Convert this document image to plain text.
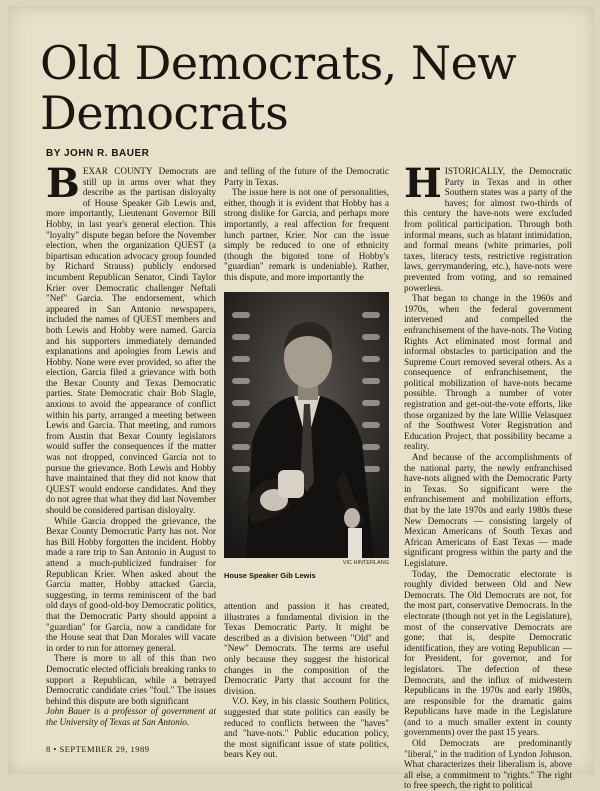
Old Democrats, New Democrats
BY JOHN R. BAUER

BEXAR COUNTY Democrats are still up in arms over what they describe as the partisan disloyalty of House Speaker Gib Lewis and, more importantly, Lieutenant Governor Bill Hobby, in last year's general election. This "loyalty" dispute began before the November election, when the organization QUEST (a bipartisan education advocacy group founded by Richard Strauss) publicly endorsed incumbent Republican Senator, Cindi Taylor Krier over Democratic challenger Neftali "Nef" Garcia. The endorsement, which appeared in San Antonio newspapers, included the names of QUEST members and both Lewis and Hobby were named. Garcia and his supporters immediately demanded explanations and apologies from Lewis and Hobby. None were ever provided, so after the election, Garcia filed a grievance with both the Bexar County and Texas Democratic parties. State Democratic chair Bob Slagle, anxious to avoid the appearance of conflict within his party, arranged a meeting between Lewis and Garcia. That meeting, and rumors from Austin that Bexar County legislators would suffer the consequences if the matter was not dropped, convinced Garcia not to pursue the grievance. Both Lewis and Hobby have maintained that they did not know that QUEST would endorse candidates. And they do not agree that what they did last November should be considered partisan disloyalty.

While Garcia dropped the grievance, the Bexar County Democratic Party has not. Nor has Bill Hobby forgotten the incident. Hobby made a rare trip to San Antonio in August to attend a much-publicized fundraiser for Republican Krier. When asked about the Garcia matter, Hobby attacked Garcia, suggesting, in terms reminiscent of the bad old days of good-old-boy Democratic politics, that the Democratic Party should appoint a "guardian" for Garcia, now a candidate for the House seat that Dan Morales will vacate in order to run for attorney general.

There is more to all of this than two Democratic elected officials breaking ranks to support a Republican, while a betrayed Democratic candidate cries "foul." The issues behind this dispute are both significant

John Bauer is a professor of government at the University of Texas at San Antonio.

and telling of the future of the Democratic Party in Texas.

The issue here is not one of personalities, either, though it is evident that Hobby has a strong dislike for Garcia, and perhaps more importantly, a real affection for frequent lunch partner, Krier. Nor can the issue simply be reduced to one of ethnicity (though the bigoted tone of Hobby's "guardian" remark is undeniable). Rather, this dispute, and more importantly the

VIC HINTERLANG
House Speaker Gib Lewis

attention and passion it has created, illustrates a fundamental division in the Texas Democratic Party. It might be described as a division between "Old" and "New" Democrats. The terms are useful only because they suggest the historical changes in the composition of the Democratic Party that account for the division.

V.O. Key, in his classic Southern Politics, suggested that state politics can easily be reduced to conflicts between the "haves" and "have-nots." Public education policy, the most significant issue of state politics, bears Key out.

HISTORICALLY, the Democratic Party in Texas and in other Southern states was a party of the haves; for almost two-thirds of this century the have-nots were excluded from political participation. Through both informal means, such as blatant intimidation, and formal means (white primaries, poll taxes, literacy tests, restrictive registration laws, gerrymandering, etc.), have-nots were prevented from voting, and so remained powerless.

That began to change in the 1960s and 1970s, when the federal government intervened and compelled the enfranchisement of the have-nots. The Voting Rights Act eliminated most formal and informal obstacles to participation and the Supreme Court removed several others. As a consequence of enfranchisement, the political mobilization of have-nots became possible. Through a number of voter registration and get-out-the-vote efforts, like those organized by the late Willie Velasquez of the Southwest Voter Registration and Education Project, that possibility became a reality.

And because of the accomplishments of the national party, the newly enfranchised have-nots aligned with the Democratic Party in Texas. So significant were the enfranchisement and mobilization efforts, that by the late 1970s and early 1980s these New Democrats — consisting largely of Mexican Americans of South Texas and African Americans of East Texas — made significant progress within the party and the Legislature.

Today, the Democratic electorate is roughly divided between Old and New Democrats. The Old Democrats are not, for the most part, conservative Democrats. In the electorate (though not yet in the Legislature), most of the conservative Democrats are gone; that is, despite Democratic identification, they are voting Republican — for President, for governor, and for legislators. The defection of these Democrats, and the influx of midwestern Republicans in the 1970s and early 1980s, are responsible for the dramatic gains Republicans have made in the Legislature (and to a much smaller extent in county governments) over the past 15 years.

Old Democrats are predominantly "liberal," in the tradition of Lyndon Johnson. What characterizes their liberalism is, above all else, a commitment to "rights." The right to free speech, the right to political

8 • SEPTEMBER 29, 1989
